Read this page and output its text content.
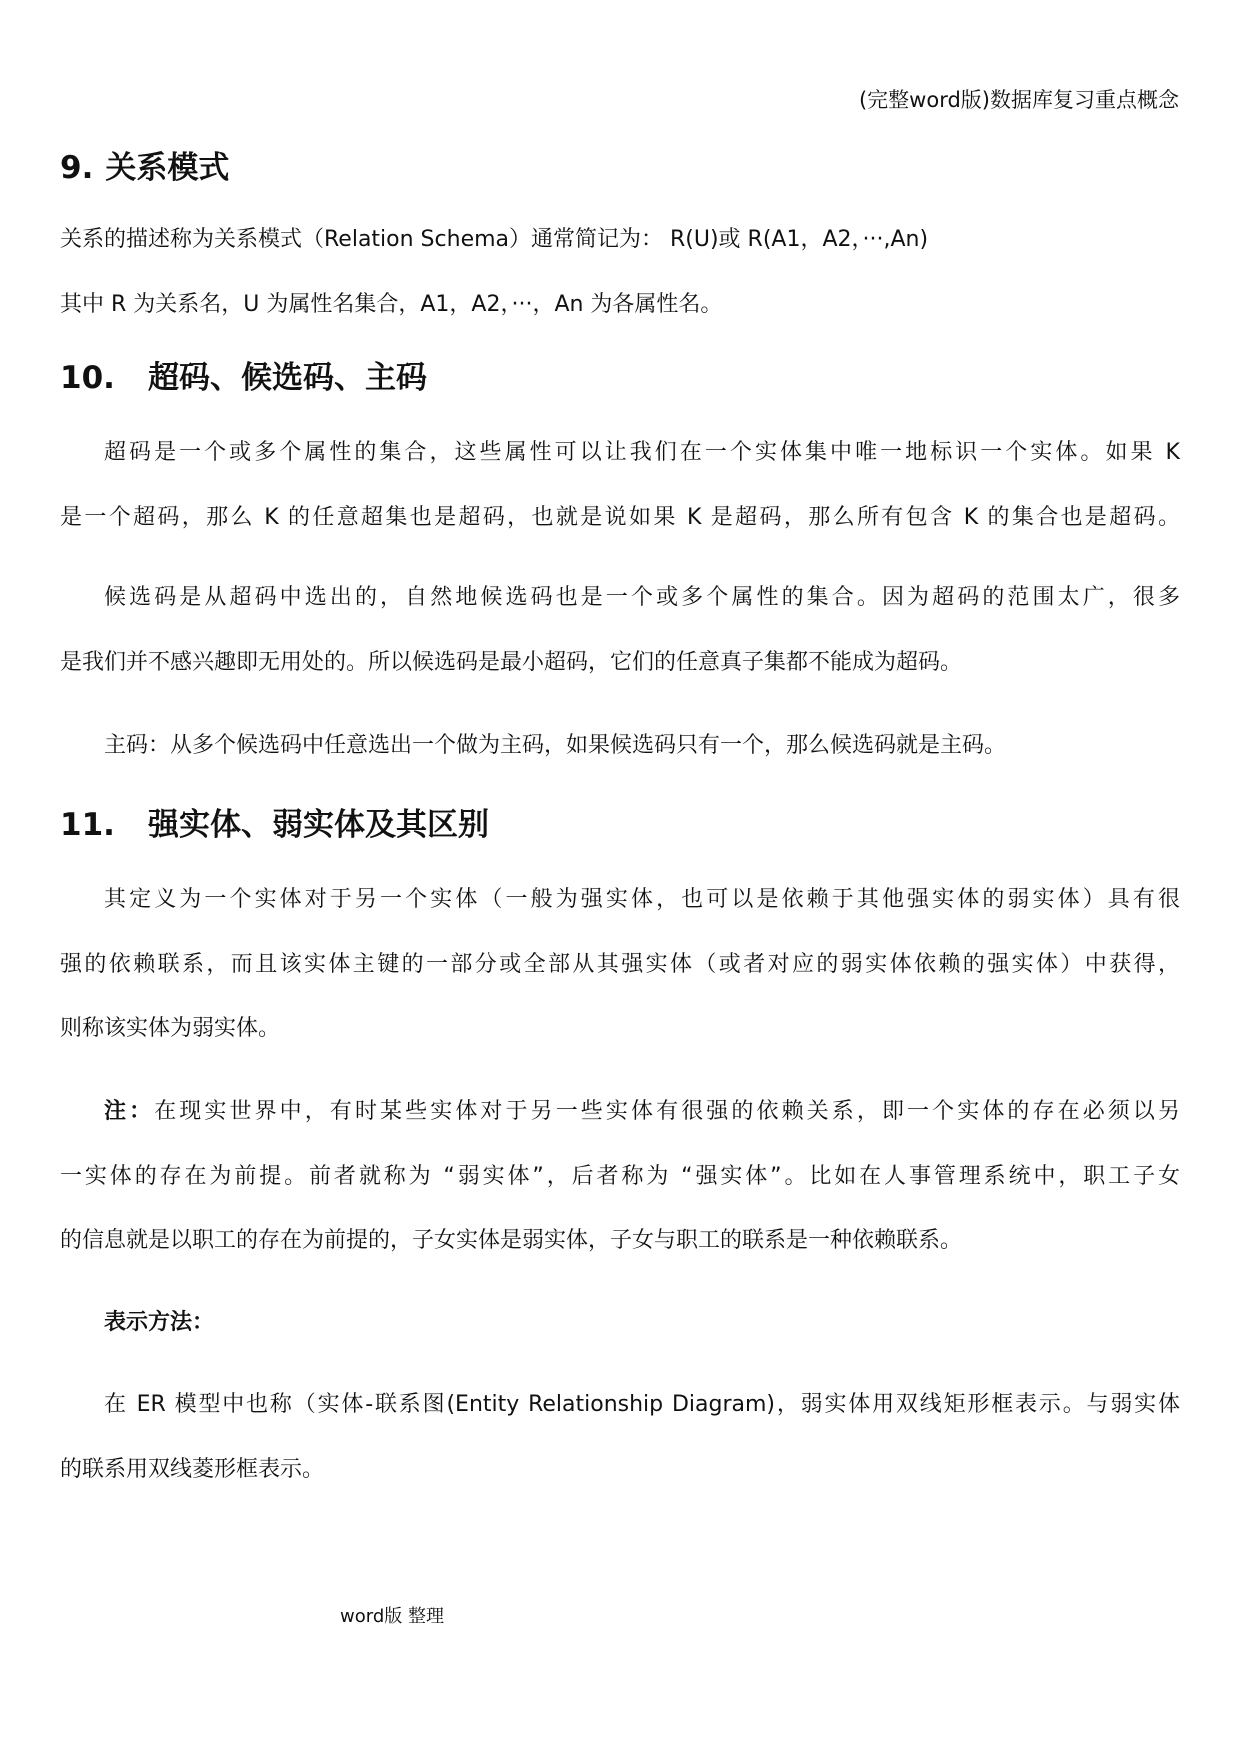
(完整word版)数据库复习重点概念
9. 关系模式
关系的描述称为关系模式（Relation Schema）通常简记为： R(U)或 R(A1，A2，···,An)
其中 R 为关系名，U 为属性名集合，A1，A2，···，An 为各属性名。
10. 超码、候选码、主码
超码是一个或多个属性的集合，这些属性可以让我们在一个实体集中唯一地标识一个实体。如果 K
是一个超码，那么 K 的任意超集也是超码，也就是说如果 K 是超码，那么所有包含 K 的集合也是超码。
候选码是从超码中选出的，自然地候选码也是一个或多个属性的集合。因为超码的范围太广，很多
是我们并不感兴趣即无用处的。所以候选码是最小超码，它们的任意真子集都不能成为超码。
主码：从多个候选码中任意选出一个做为主码，如果候选码只有一个，那么候选码就是主码。
11. 强实体、弱实体及其区别
其定义为一个实体对于另一个实体（一般为强实体，也可以是依赖于其他强实体的弱实体）具有很
强的依赖联系，而且该实体主键的一部分或全部从其强实体（或者对应的弱实体依赖的强实体）中获得，
则称该实体为弱实体。
注：在现实世界中，有时某些实体对于另一些实体有很强的依赖关系，即一个实体的存在必须以另
一实体的存在为前提。前者就称为 “弱实体”，后者称为 “强实体”。比如在人事管理系统中，职工子女
的信息就是以职工的存在为前提的，子女实体是弱实体，子女与职工的联系是一种依赖联系。
表示方法：
在 ER 模型中也称（实体-联系图(Entity Relationship Diagram)，弱实体用双线矩形框表示。与弱实体
的联系用双线菱形框表示。
word版 整理
